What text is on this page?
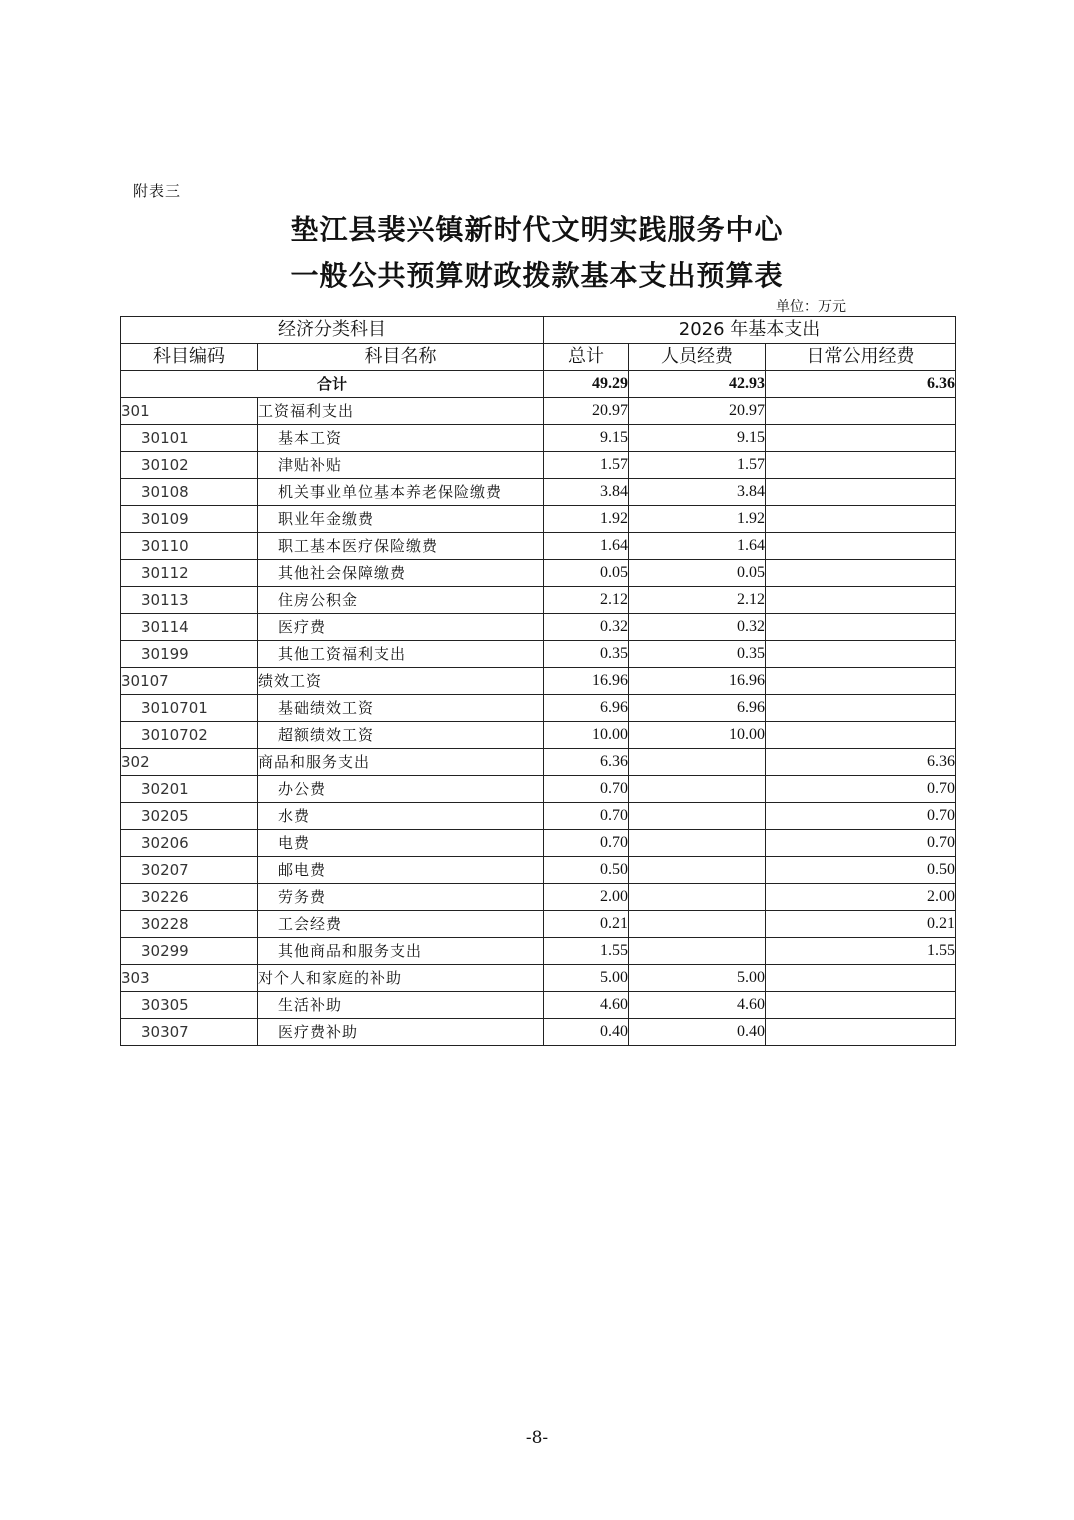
附表三
垫江县裴兴镇新时代文明实践服务中心
一般公共预算财政拨款基本支出预算表
单位：万元
经济分类科目		2026 年基本支出		
科目编码	科目名称	总计	人员经费	日常公用经费
合计		49.29	42.93	6.36
301	工资福利支出	20.97	20.97	
30101	基本工资	9.15	9.15	
30102	津贴补贴	1.57	1.57	
30108	机关事业单位基本养老保险缴费	3.84	3.84	
30109	职业年金缴费	1.92	1.92	
30110	职工基本医疗保险缴费	1.64	1.64	
30112	其他社会保障缴费	0.05	0.05	
30113	住房公积金	2.12	2.12	
30114	医疗费	0.32	0.32	
30199	其他工资福利支出	0.35	0.35	
30107	绩效工资	16.96	16.96	
3010701	基础绩效工资	6.96	6.96	
3010702	超额绩效工资	10.00	10.00	
302	商品和服务支出	6.36		6.36
30201	办公费	0.70		0.70
30205	水费	0.70		0.70
30206	电费	0.70		0.70
30207	邮电费	0.50		0.50
30226	劳务费	2.00		2.00
30228	工会经费	0.21		0.21
30299	其他商品和服务支出	1.55		1.55
303	对个人和家庭的补助	5.00	5.00	
30305	生活补助	4.60	4.60	
30307	医疗费补助	0.40	0.40	
-8-
